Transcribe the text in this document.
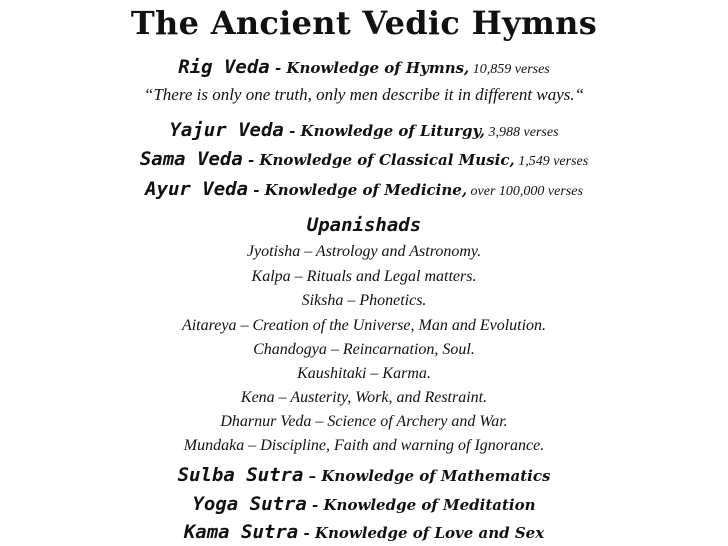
The Ancient Vedic Hymns
Rig Veda - Knowledge of Hymns, 10,859 verses
“There is only one truth, only men describe it in different ways.“
Yajur Veda - Knowledge of Liturgy, 3,988 verses
Sama Veda - Knowledge of Classical Music, 1,549 verses
Ayur Veda - Knowledge of Medicine, over 100,000 verses
Upanishads
Jyotisha – Astrology and Astronomy.
Kalpa – Rituals and Legal matters.
Siksha – Phonetics.
Aitareya – Creation of the Universe, Man and Evolution.
Chandogya – Reincarnation, Soul.
Kaushitaki – Karma.
Kena – Austerity, Work, and Restraint.
Dharnur Veda – Science of Archery and War.
Mundaka – Discipline, Faith and warning of Ignorance.
Sulba Sutra – Knowledge of Mathematics
Yoga Sutra - Knowledge of Meditation
Kama Sutra - Knowledge of Love and Sex
